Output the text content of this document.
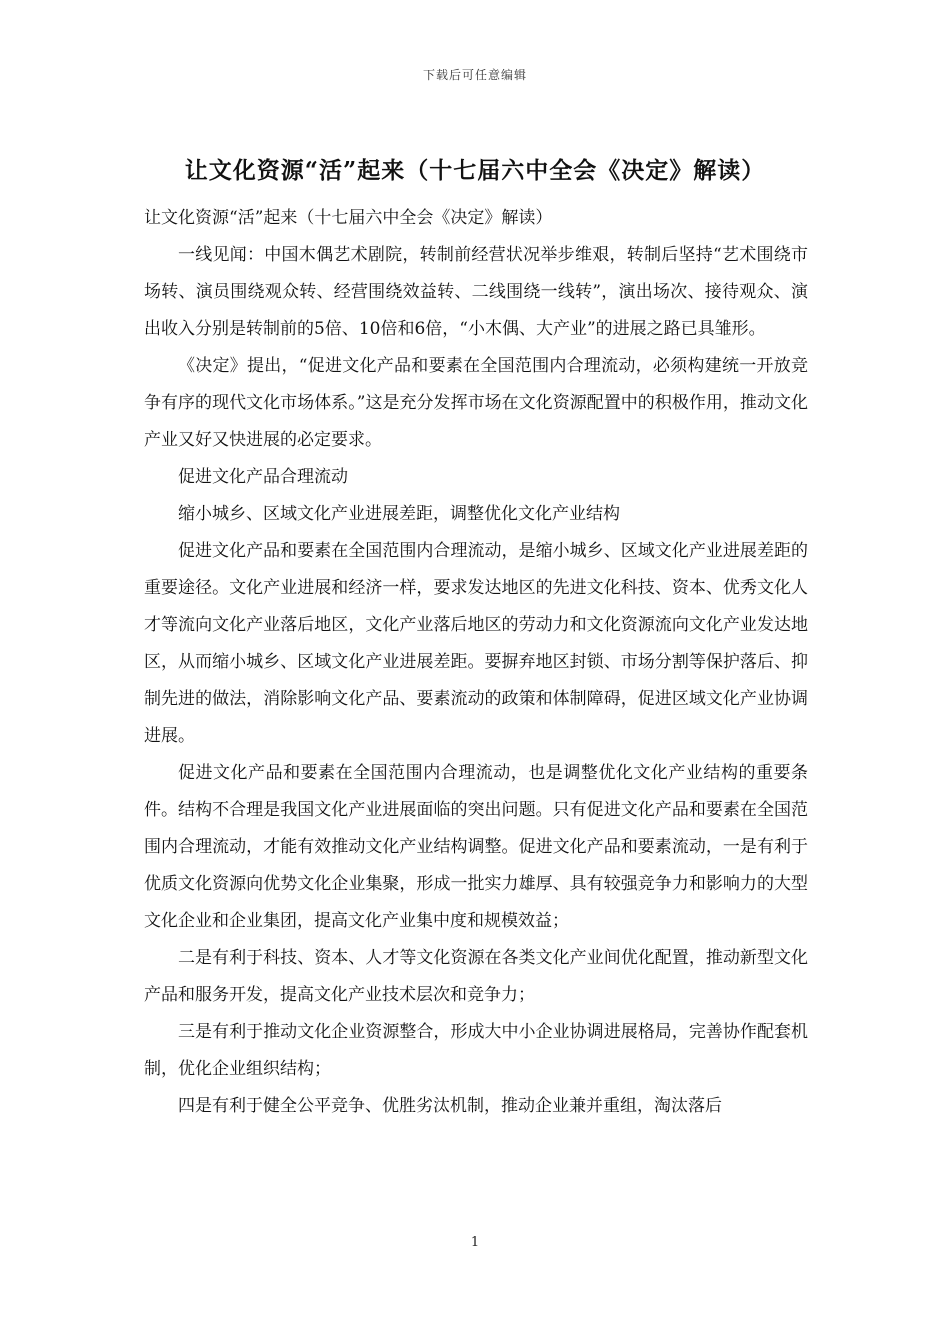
下载后可任意编辑
让文化资源“活”起来（十七届六中全会《决定》解读）

让文化资源“活”起来（十七届六中全会《决定》解读）

一线见闻：中国木偶艺术剧院，转制前经营状况举步维艰，转制后坚持“艺术围绕市场转、演员围绕观众转、经营围绕效益转、二线围绕一线转”，演出场次、接待观众、演出收入分别是转制前的5倍、10倍和6倍，“小木偶、大产业”的进展之路已具雏形。

《决定》提出，“促进文化产品和要素在全国范围内合理流动，必须构建统一开放竞争有序的现代文化市场体系。”这是充分发挥市场在文化资源配置中的积极作用，推动文化产业又好又快进展的必定要求。

促进文化产品合理流动

缩小城乡、区域文化产业进展差距，调整优化文化产业结构

促进文化产品和要素在全国范围内合理流动，是缩小城乡、区域文化产业进展差距的重要途径。文化产业进展和经济一样，要求发达地区的先进文化科技、资本、优秀文化人才等流向文化产业落后地区，文化产业落后地区的劳动力和文化资源流向文化产业发达地区，从而缩小城乡、区域文化产业进展差距。要摒弃地区封锁、市场分割等保护落后、抑制先进的做法，消除影响文化产品、要素流动的政策和体制障碍，促进区域文化产业协调进展。

促进文化产品和要素在全国范围内合理流动，也是调整优化文化产业结构的重要条件。结构不合理是我国文化产业进展面临的突出问题。只有促进文化产品和要素在全国范围内合理流动，才能有效推动文化产业结构调整。促进文化产品和要素流动，一是有利于优质文化资源向优势文化企业集聚，形成一批实力雄厚、具有较强竞争力和影响力的大型文化企业和企业集团，提高文化产业集中度和规模效益；

二是有利于科技、资本、人才等文化资源在各类文化产业间优化配置，推动新型文化产品和服务开发，提高文化产业技术层次和竞争力；

三是有利于推动文化企业资源整合，形成大中小企业协调进展格局，完善协作配套机制，优化企业组织结构；

四是有利于健全公平竞争、优胜劣汰机制，推动企业兼并重组，淘汰落后

1
